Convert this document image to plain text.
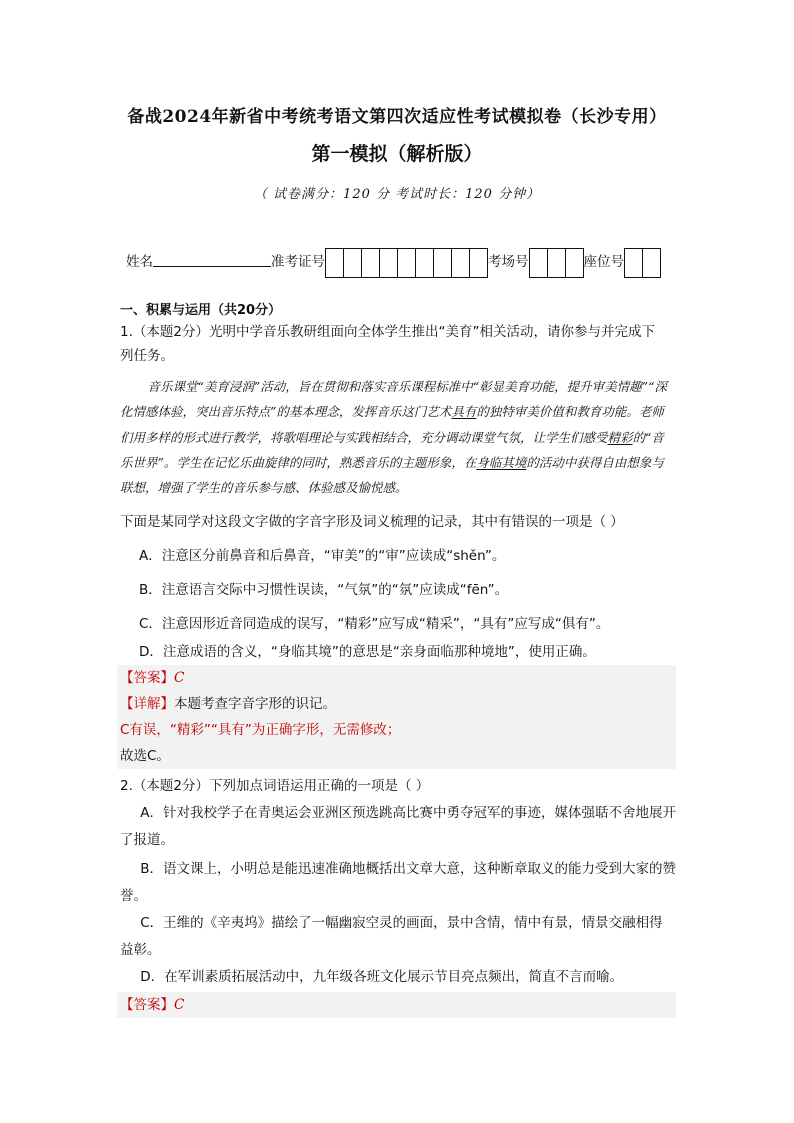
备战2024年新省中考统考语文第四次适应性考试模拟卷（长沙专用）
第一模拟（解析版）
（ 试卷满分：120 分 考试时长：120 分钟）
姓名	准考证号	考场号	座位号
一、积累与运用（共20分）
1.（本题2分）光明中学音乐教研组面向全体学生推出“美育”相关活动，请你参与并完成下
列任务。
音乐课堂“美育浸润”活动，旨在贯彻和落实音乐课程标准中“彰显美育功能，提升审美情趣”“深化情感体验，突出音乐特点”的基本理念，发挥音乐这门艺术具有的独特审美价值和教育功能。老师们用多样的形式进行教学，将歌唱理论与实践相结合，充分调动课堂气氛，让学生们感受精彩的“音乐世界”。学生在记忆乐曲旋律的同时，熟悉音乐的主题形象，在身临其境的活动中获得自由想象与联想，增强了学生的音乐参与感、体验感及愉悦感。
下面是某同学对这段文字做的字音字形及词义梳理的记录，其中有错误的一项是（ ）
A．注意区分前鼻音和后鼻音，“审美”的“审”应读成“shěn”。
B．注意语言交际中习惯性误读，“气氛”的“氛”应读成“fēn”。
C．注意因形近音同造成的误写，“精彩”应写成“精采”，“具有”应写成“俱有”。
D．注意成语的含义，“身临其境”的意思是“亲身面临那种境地”，使用正确。
【答案】C
【详解】本题考查字音字形的识记。
C有误，“精彩”“具有”为正确字形，无需修改；
故选C。
2.（本题2分）下列加点词语运用正确的一项是（ ）
A．针对我校学子在青奥运会亚洲区预选跳高比赛中勇夺冠军的事迹，媒体强聒不舍地展开了报道。
B．语文课上，小明总是能迅速准确地概括出文章大意，这种断章取义的能力受到大家的赞誉。
C．王维的《辛夷坞》描绘了一幅幽寂空灵的画面，景中含情，情中有景，情景交融相得益彰。
D．在军训素质拓展活动中，九年级各班文化展示节目亮点频出，简直不言而喻。
【答案】C
